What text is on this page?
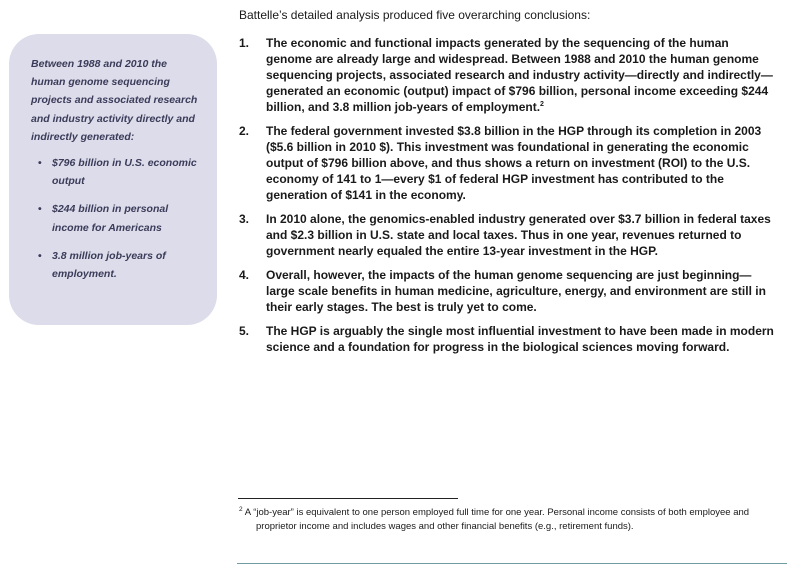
Between 1988 and 2010 the human genome sequencing projects and associated research and industry activity directly and indirectly generated:

• $796 billion in U.S. economic output
• $244 billion in personal income for Americans
• 3.8 million job-years of employment.

Battelle’s detailed analysis produced five overarching conclusions:

1. The economic and functional impacts generated by the sequencing of the human genome are already large and widespread. Between 1988 and 2010 the human genome sequencing projects, associated research and industry activity—directly and indirectly—generated an economic (output) impact of $796 billion, personal income exceeding $244 billion, and 3.8 million job-years of employment.$^2$
2. The federal government invested $3.8 billion in the HGP through its completion in 2003 ($5.6 billion in 2010 $). This investment was foundational in generating the economic output of $796 billion above, and thus shows a return on investment (ROI) to the U.S. economy of 141 to 1—every $1 of federal HGP investment has contributed to the generation of $141 in the economy.
3. In 2010 alone, the genomics-enabled industry generated over $3.7 billion in federal taxes and $2.3 billion in U.S. state and local taxes. Thus in one year, revenues returned to government nearly equaled the entire 13-year investment in the HGP.
4. Overall, however, the impacts of the human genome sequencing are just beginning—large scale benefits in human medicine, agriculture, energy, and environment are still in their early stages. The best is truly yet to come.
5. The HGP is arguably the single most influential investment to have been made in modern science and a foundation for progress in the biological sciences moving forward.
$^2$ A “job-year” is equivalent to one person employed full time for one year. Personal income consists of both employee and proprietor income and includes wages and other financial benefits (e.g., retirement funds).
